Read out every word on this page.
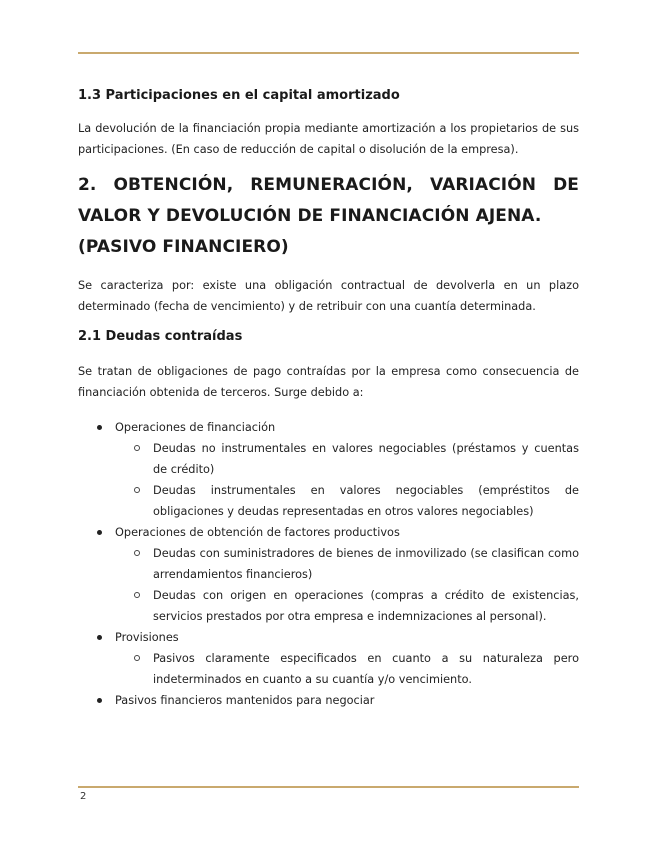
1.3 Participaciones en el capital amortizado

La devolución de la financiación propia mediante amortización a los propietarios de sus participaciones. (En caso de reducción de capital o disolución de la empresa).

2. OBTENCIÓN, REMUNERACIÓN, VARIACIÓN DE VALOR Y DEVOLUCIÓN DE FINANCIACIÓN AJENA.
(PASIVO FINANCIERO)

Se caracteriza por: existe una obligación contractual de devolverla en un plazo determinado (fecha de vencimiento) y de retribuir con una cuantía determinada.

2.1 Deudas contraídas

Se tratan de obligaciones de pago contraídas por la empresa como consecuencia de financiación obtenida de terceros. Surge debido a:

Operaciones de financiación
Deudas no instrumentales en valores negociables (préstamos y cuentas de crédito)
Deudas instrumentales en valores negociables (empréstitos de obligaciones y deudas representadas en otros valores negociables)
Operaciones de obtención de factores productivos
Deudas con suministradores de bienes de inmovilizado (se clasifican como arrendamientos financieros)
Deudas con origen en operaciones (compras a crédito de existencias, servicios prestados por otra empresa e indemnizaciones al personal).
Provisiones
Pasivos claramente especificados en cuanto a su naturaleza pero indeterminados en cuanto a su cuantía y/o vencimiento.
Pasivos financieros mantenidos para negociar
2
